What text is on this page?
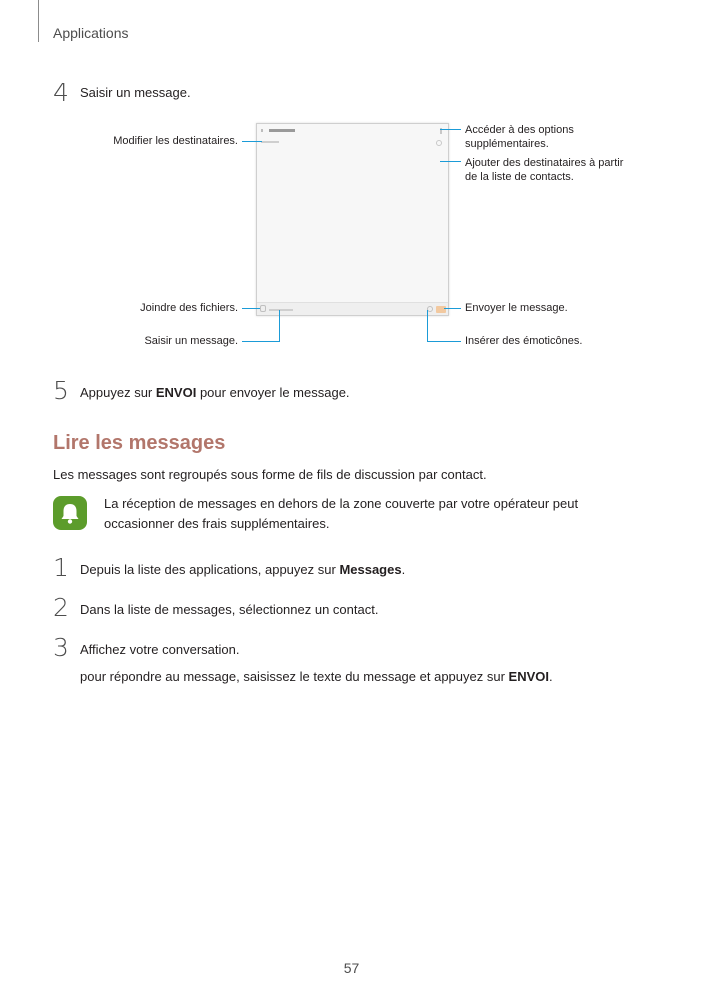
Applications
4 Saisir un message.
Modifier les destinataires.
Accéder à des options
supplémentaires.
Ajouter des destinataires à partir
de la liste de contacts.
Joindre des fichiers.	Envoyer le message.
Saisir un message.	Insérer des émoticônes.
5 Appuyez sur ENVOI pour envoyer le message.
Lire les messages
Les messages sont regroupés sous forme de fils de discussion par contact.
La réception de messages en dehors de la zone couverte par votre opérateur peut
occasionner des frais supplémentaires.
1 Depuis la liste des applications, appuyez sur Messages.
2 Dans la liste de messages, sélectionnez un contact.
3 Affichez votre conversation.
pour répondre au message, saisissez le texte du message et appuyez sur ENVOI.
57
